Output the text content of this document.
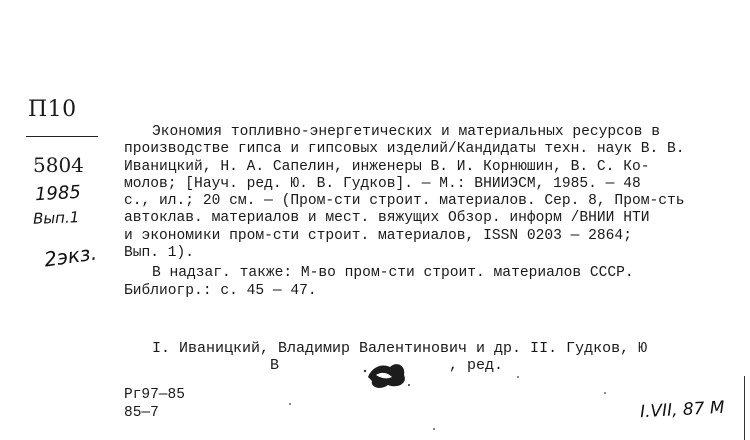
П10
5804
1985
Вып.1
2экз.
Экономия топливно-энергетических и материальных ресурсов в
производстве гипса и гипсовых изделий/Кандидаты техн. наук В. В.
Иваницкий, Н. А. Сапелин, инженеры В. И. Корнюшин, В. С. Ко-
молов; [Науч. ред. Ю. В. Гудков]. — М.: ВНИИЭСМ, 1985. — 48
с., ил.; 20 см. — (Пром-сти строит. материалов. Сер. 8, Пром-сть
автоклав. материалов и мест. вяжущих Обзор. информ /ВНИИ НТИ
и экономики пром-сти строит. материалов, ISSN 0203 — 2864;
Вып. 1).
В надзаг. также: М-во пром-сти строит. материалов СССР.
Библиогр.: с. 45 — 47.
I. Иваницкий, Владимир Валентинович и др. II. Гудков, Ю
В	, ред.
Рг97—85
85—7	I.VII, 87 М
